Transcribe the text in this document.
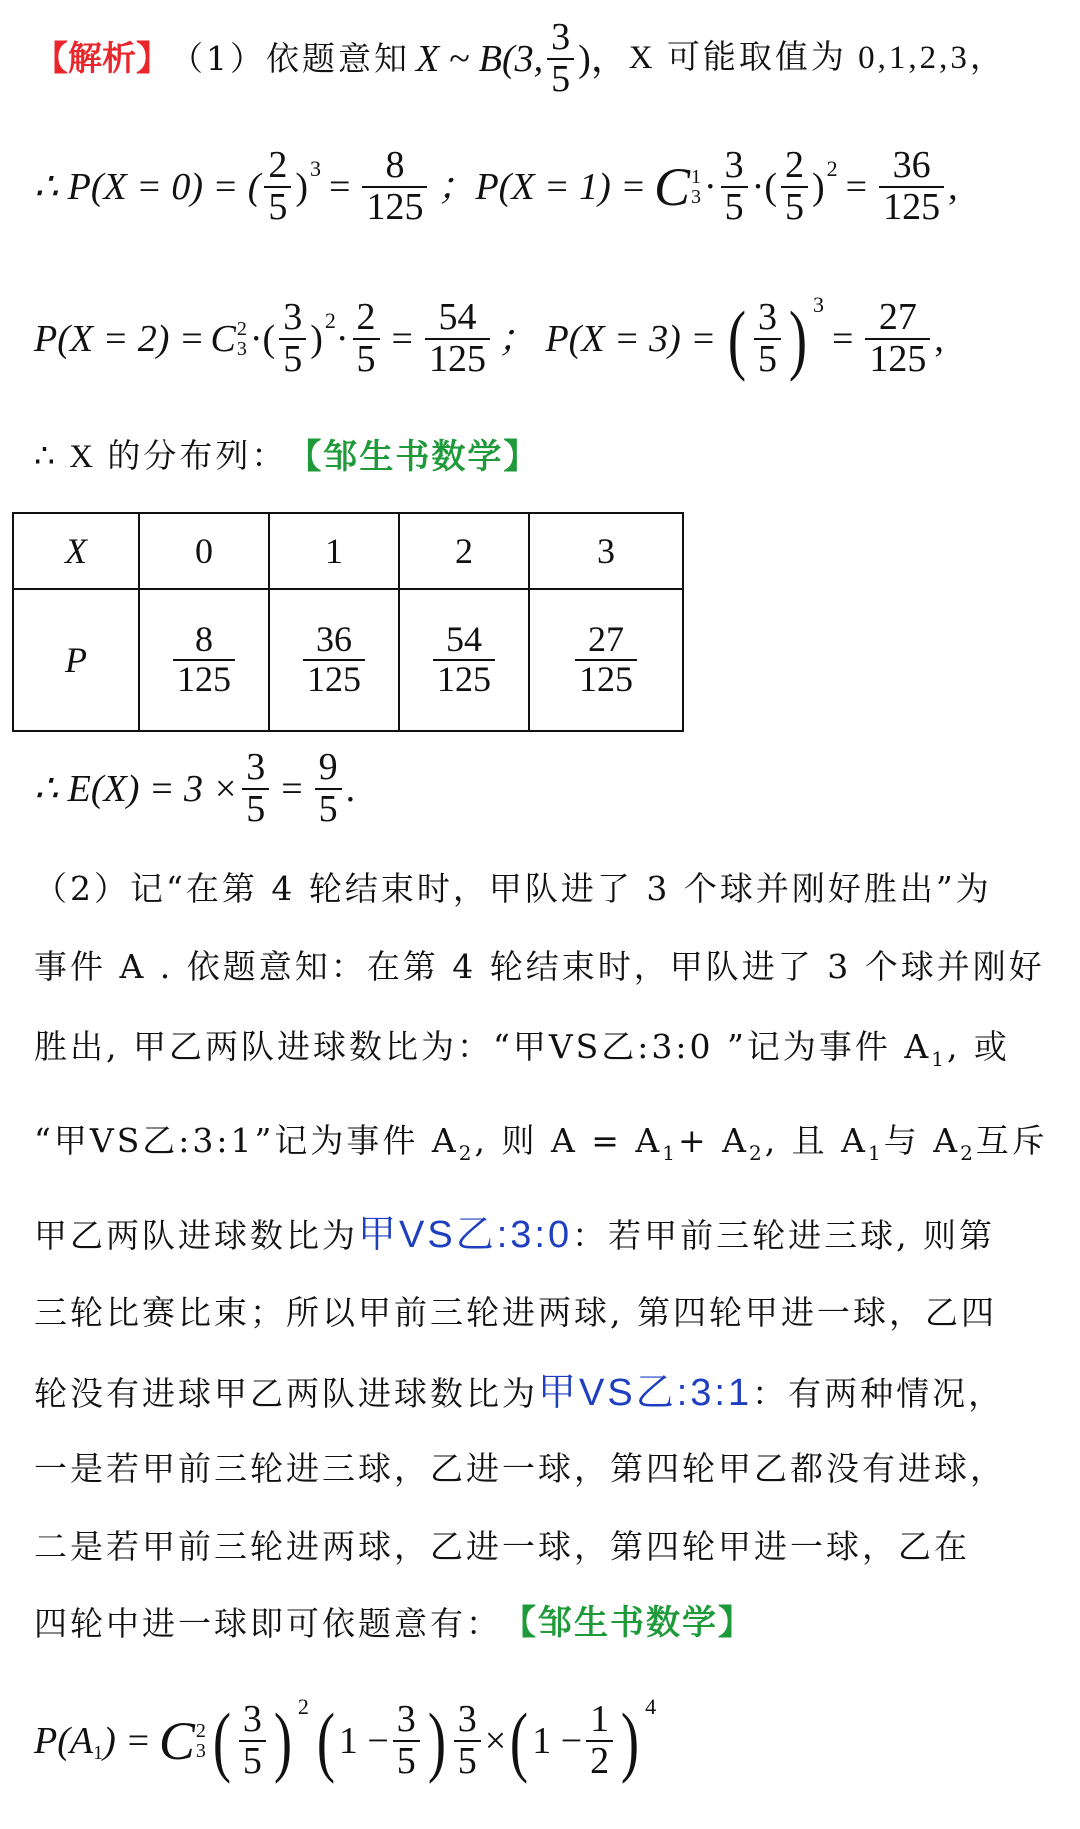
【解析】 （1）依题意知 X ~ B(3, $\frac{3}{5}$ )， X 可能取值为 0,1,2,3，
∴ P(X = 0) = ( $\frac{2}{5}$ ) $3 = \frac{8}{125}$ ；P(X = 1) = C 1
$3 \cdot \frac{3}{5}$ ·( $\frac{2}{5}$ ) $2 = \frac{36}{125}$ ,
P(X = 2) = C 2
3 ·( $\frac{3}{5}$ ) $2 \cdot \frac{2}{5} = \frac{54}{125}$ ； P(X = 3) = ( $\frac{3}{5}$ ) 3
= $\frac{27}{125}$ ,
∴ X 的分布列： 【邹生书数学】
X	0	1	2	3
P	$\frac{8}{125}$	$\frac{36}{125}$	$\frac{54}{125}$	$\frac{27}{125}$
∴ $E(X) = 3 \times \frac{3}{5} = \frac{9}{5}$ .
（2）记“在第 4 轮结束时，甲队进了 3 个球并刚好胜出”为
事件 A . 依题意知：在第 4 轮结束时，甲队进了 3 个球并刚好
胜出, 甲乙两队进球数比为：“甲VS乙:3:0 ”记为事件 A 1 , 或
“甲VS乙:3:1”记为事件 A 2 , 则 A = A 1 + A 2 , 且 A 1 与 A 2 互斥
甲乙两队进球数比为 甲VS乙:3:0 ：若甲前三轮进三球, 则第
三轮比赛比束；所以甲前三轮进两球, 第四轮甲进一球，乙四
轮没有进球甲乙两队进球数比为 甲VS乙:3:1 ：有两种情况，
一是若甲前三轮进三球，乙进一球，第四轮甲乙都没有进球，
二是若甲前三轮进两球，乙进一球，第四轮甲进一球，乙在
四轮中进一球即可依题意有： 【邹生书数学】
P(A 1 ) = C 2
3 ( $\frac{3}{5}$ ) 2 ( $1 - \frac{3}{5}$ ) $\frac{3}{5}$ × ( $1 - \frac{1}{2}$ ) 4
